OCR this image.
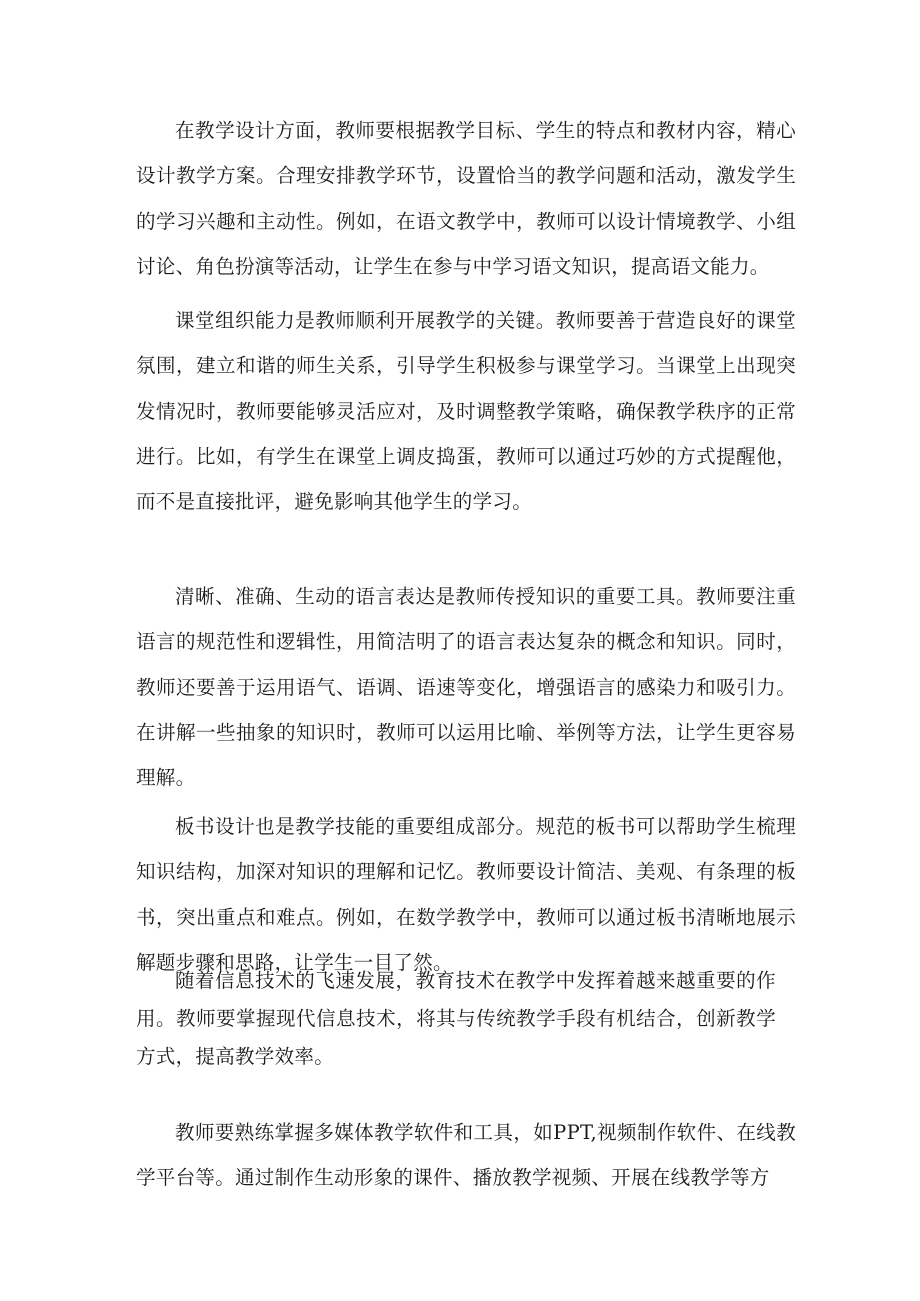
在教学设计方面，教师要根据教学目标、学生的特点和教材内容，精心设计教学方案。合理安排教学环节，设置恰当的教学问题和活动，激发学生的学习兴趣和主动性。例如，在语文教学中，教师可以设计情境教学、小组讨论、角色扮演等活动，让学生在参与中学习语文知识，提高语文能力。

课堂组织能力是教师顺利开展教学的关键。教师要善于营造良好的课堂氛围，建立和谐的师生关系，引导学生积极参与课堂学习。当课堂上出现突发情况时，教师要能够灵活应对，及时调整教学策略，确保教学秩序的正常进行。比如，有学生在课堂上调皮捣蛋，教师可以通过巧妙的方式提醒他，而不是直接批评，避免影响其他学生的学习。

清晰、准确、生动的语言表达是教师传授知识的重要工具。教师要注重语言的规范性和逻辑性，用简洁明了的语言表达复杂的概念和知识。同时，教师还要善于运用语气、语调、语速等变化，增强语言的感染力和吸引力。在讲解一些抽象的知识时，教师可以运用比喻、举例等方法，让学生更容易理解。

板书设计也是教学技能的重要组成部分。规范的板书可以帮助学生梳理知识结构，加深对知识的理解和记忆。教师要设计简洁、美观、有条理的板书，突出重点和难点。例如，在数学教学中，教师可以通过板书清晰地展示解题步骤和思路，让学生一目了然。

随着信息技术的飞速发展，教育技术在教学中发挥着越来越重要的作用。教师要掌握现代信息技术，将其与传统教学手段有机结合，创新教学方式，提高教学效率。

教师要熟练掌握多媒体教学软件和工具，如PPT,视频制作软件、在线教学平台等。通过制作生动形象的课件、播放教学视频、开展在线教学等方
